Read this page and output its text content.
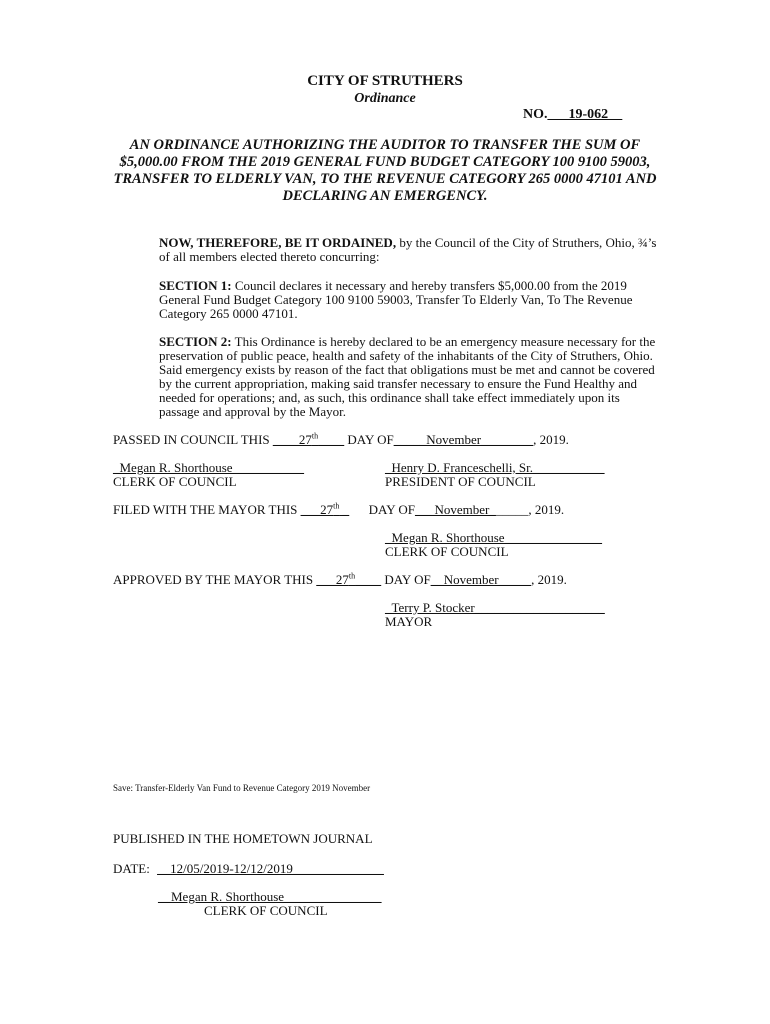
CITY OF STRUTHERS
Ordinance
NO.___19-062__
AN ORDINANCE AUTHORIZING THE AUDITOR TO TRANSFER THE SUM OF $5,000.00 FROM THE 2019 GENERAL FUND BUDGET CATEGORY 100 9100 59003, TRANSFER TO ELDERLY VAN, TO THE REVENUE CATEGORY 265 0000 47101 AND DECLARING AN EMERGENCY.

NOW, THEREFORE, BE IT ORDAINED, by the Council of the City of Struthers, Ohio, ¾’s of all members elected thereto concurring:

SECTION 1: Council declares it necessary and hereby transfers $5,000.00 from the 2019 General Fund Budget Category 100 9100 59003, Transfer To Elderly Van, To The Revenue Category 265 0000 47101.

SECTION 2: This Ordinance is hereby declared to be an emergency measure necessary for the preservation of public peace, health and safety of the inhabitants of the City of Struthers, Ohio. Said emergency exists by reason of the fact that obligations must be met and cannot be covered by the current appropriation, making said transfer necessary to ensure the Fund Healthy and needed for operations; and, as such, this ordinance shall take effect immediately upon its passage and approval by the Mayor.

PASSED IN COUNCIL THIS ____27th____ DAY OF_____November________, 2019.
_Megan R. Shorthouse___________
CLERK OF COUNCIL
_Henry D. Franceschelli, Sr.___________
PRESIDENT OF COUNCIL
FILED WITH THE MAYOR THIS ___27th _      DAY OF___November______, 2019.
_Megan R. Shorthouse_______________
CLERK OF COUNCIL
APPROVED BY THE MAYOR THIS ___27th____ DAY OF__November_____, 2019.
_Terry P. Stocker____________________
MAYOR
Save: Transfer-Elderly Van Fund to Revenue Category 2019 November
PUBLISHED IN THE HOMETOWN JOURNAL
DATE: __12/05/2019-12/12/2019______________
__Megan R. Shorthouse_______________
CLERK OF COUNCIL
